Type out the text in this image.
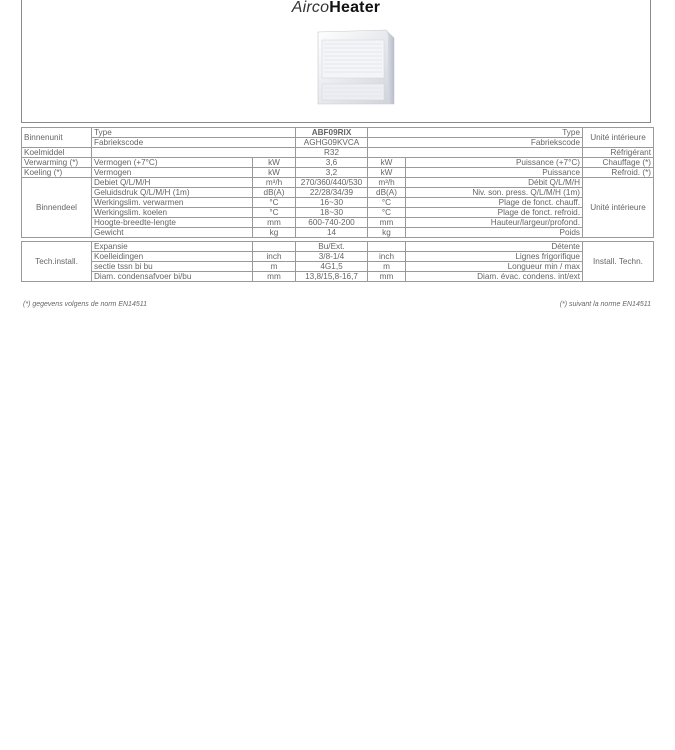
AircoHeater
Binnenunit	Type		ABF09RIX	Type		Unité intérieure
	Fabriekscode		AGHG09KVCA	Fabriekscode		
Koelmiddel			R32			Réfrigérant
Verwarming (*)	Vermogen (+7°C)	kW	3,6	kW	Puissance (+7°C)	Chauffage (*)
Koeling (*)	Vermogen	kW	3,2	kW	Puissance	Refroid. (*)
Binnendeel	Debiet Q/L/M/H	m³/h	270/360/440/530	m³/h	Débit Q/L/M/H	Unité intérieure
	Geluidsdruk Q/L/M/H (1m)	dB(A)	22/28/34/39	dB(A)	Niv. son. press. Q/L/M/H (1m)	
	Werkingslim. verwarmen	°C	16~30	°C	Plage de fonct. chauff.	
	Werkingslim. koelen	°C	18~30	°C	Plage de fonct. refroid.	
	Hoogte-breedte-lengte	mm	600-740-200	mm	Hauteur/largeur/profond.	
	Gewicht	kg	14	kg	Poids	

Tech.install.	Expansie		Bu/Ext.		Détente	Install. Techn.
	Koelleidingen	inch	3/8-1/4	inch	Lignes frigorifique	
	sectie tssn bi bu	m	4G1,5	m	Longueur min / max	
	Diam. condensafvoer bi/bu	mm	13,8/15,8-16,7	mm	Diam. évac. condens. int/ext	
(*) gegevens volgens de norm EN14511	(*) suivant la norme EN14511
